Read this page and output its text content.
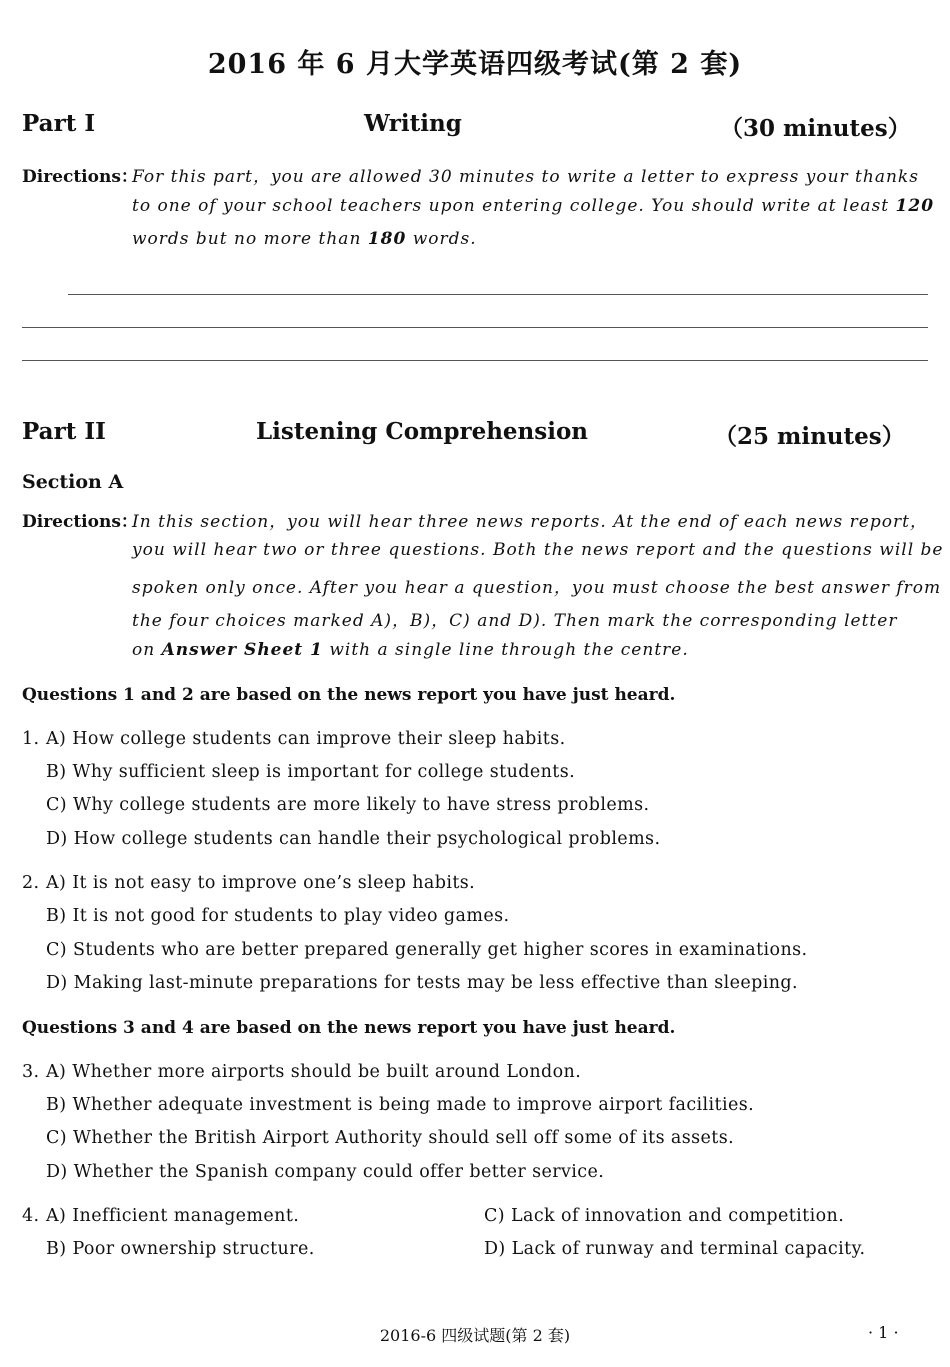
2016 年 6 月大学英语四级考试(第 2 套)
Part I	Writing	（30 minutes）
Directions：
For this part，you are allowed 30 minutes to write a letter to express your thanks
to one of your school teachers upon entering college. You should write at least 120
words but no more than 180 words.
Part II	Listening Comprehension	（25 minutes）
Section A
Directions：
In this section，you will hear three news reports. At the end of each news report，
you will hear two or three questions. Both the news report and the questions will be
spoken only once. After you hear a question，you must choose the best answer from
the four choices marked A)，B)，C) and D). Then mark the corresponding letter
on Answer Sheet 1 with a single line through the centre.
Questions 1 and 2 are based on the news report you have just heard.
1. A) How college students can improve their sleep habits.
B) Why sufficient sleep is important for college students.
C) Why college students are more likely to have stress problems.
D) How college students can handle their psychological problems.
2. A) It is not easy to improve one’s sleep habits.
B) It is not good for students to play video games.
C) Students who are better prepared generally get higher scores in examinations.
D) Making last-minute preparations for tests may be less effective than sleeping.
Questions 3 and 4 are based on the news report you have just heard.
3. A) Whether more airports should be built around London.
B) Whether adequate investment is being made to improve airport facilities.
C) Whether the British Airport Authority should sell off some of its assets.
D) Whether the Spanish company could offer better service.
4. A) Inefficient management.
B) Poor ownership structure.
C) Lack of innovation and competition.
D) Lack of runway and terminal capacity.
2016-6 四级试题(第 2 套)	· 1 ·
